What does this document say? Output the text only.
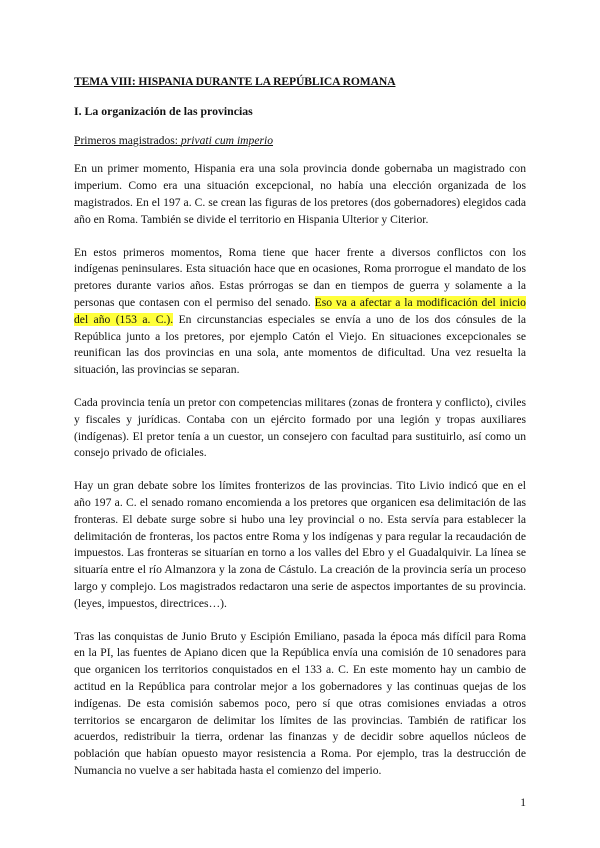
TEMA VIII: HISPANIA DURANTE LA REPÚBLICA ROMANA
I. La organización de las provincias
Primeros magistrados: privati cum imperio

En un primer momento, Hispania era una sola provincia donde gobernaba un magistrado con imperium. Como era una situación excepcional, no había una elección organizada de los magistrados. En el 197 a. C. se crean las figuras de los pretores (dos gobernadores) elegidos cada año en Roma. También se divide el territorio en Hispania Ulterior y Citerior.

En estos primeros momentos, Roma tiene que hacer frente a diversos conflictos con los indígenas peninsulares. Esta situación hace que en ocasiones, Roma prorrogue el mandato de los pretores durante varios años. Estas prórrogas se dan en tiempos de guerra y solamente a la personas que contasen con el permiso del senado. Eso va a afectar a la modificación del inicio del año (153 a. C.). En circunstancias especiales se envía a uno de los dos cónsules de la República junto a los pretores, por ejemplo Catón el Viejo. En situaciones excepcionales se reunifican las dos provincias en una sola, ante momentos de dificultad. Una vez resuelta la situación, las provincias se separan.

Cada provincia tenía un pretor con competencias militares (zonas de frontera y conflicto), civiles y fiscales y jurídicas. Contaba con un ejército formado por una legión y tropas auxiliares (indígenas). El pretor tenía a un cuestor, un consejero con facultad para sustituirlo, así como un consejo privado de oficiales.

Hay un gran debate sobre los límites fronterizos de las provincias. Tito Livio indicó que en el año 197 a. C. el senado romano encomienda a los pretores que organicen esa delimitación de las fronteras. El debate surge sobre si hubo una ley provincial o no. Esta servía para establecer la delimitación de fronteras, los pactos entre Roma y los indígenas y para regular la recaudación de impuestos. Las fronteras se situarían en torno a los valles del Ebro y el Guadalquivir. La línea se situaría entre el río Almanzora y la zona de Cástulo. La creación de la provincia sería un proceso largo y complejo. Los magistrados redactaron una serie de aspectos importantes de su provincia. (leyes, impuestos, directrices…).

Tras las conquistas de Junio Bruto y Escipión Emiliano, pasada la época más difícil para Roma en la PI, las fuentes de Apiano dicen que la República envía una comisión de 10 senadores para que organicen los territorios conquistados en el 133 a. C. En este momento hay un cambio de actitud en la República para controlar mejor a los gobernadores y las continuas quejas de los indígenas. De esta comisión sabemos poco, pero sí que otras comisiones enviadas a otros territorios se encargaron de delimitar los límites de las provincias. También de ratificar los acuerdos, redistribuir la tierra, ordenar las finanzas y de decidir sobre aquellos núcleos de población que habían opuesto mayor resistencia a Roma. Por ejemplo, tras la destrucción de Numancia no vuelve a ser habitada hasta el comienzo del imperio.

1
